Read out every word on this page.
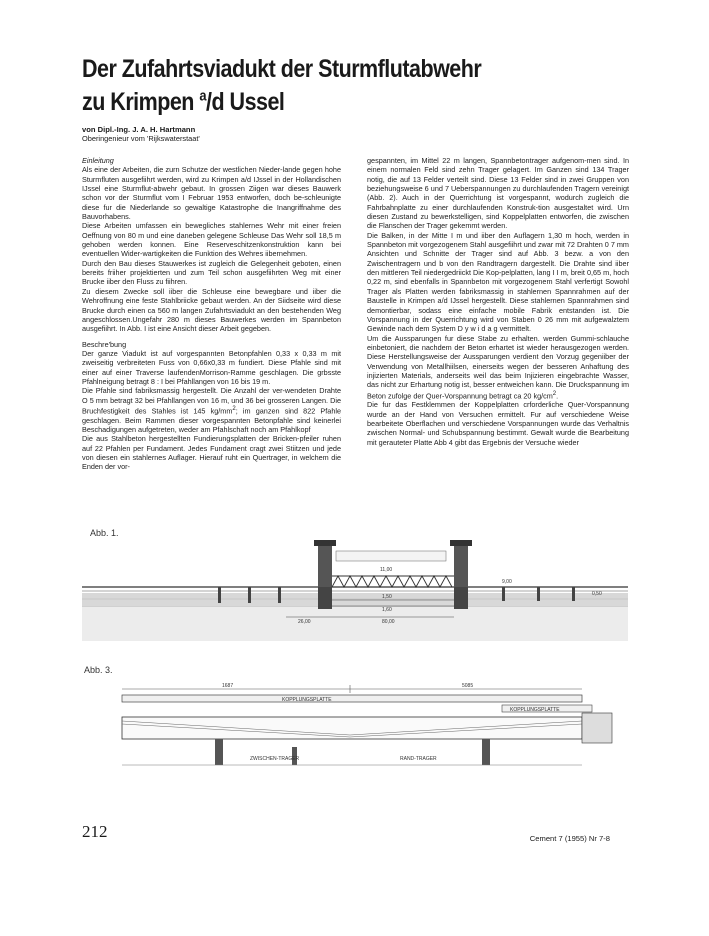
Der Zufahrtsviadukt der Sturmflutabwehr
zu Krimpen $^a$/d Ussel
von Dipl.-Ing. J. A. H. Hartmann
Oberingenieur vom 'Rijkswaterstaat'

Einleitung

Als eine der Arbeiten, die zurn Schutze der westlichen Nieder-lande gegen hohe Sturmfluten ausgefiihrt werden, wird zu Krimpen a/d IJssel in der Hollandischen IJssel eine Sturmflut-abwehr gebaut. In grossen Ziigen war dieses Bauwerk schon vor der Sturmflut vom I Februar 1953 entworfen, doch be-schleunigte diese fur die Niederlande so gewaltige Katastrophe die Inangriffnahme des Bauvorhabens.

Diese Arbeiten umfassen ein bewegliches stahlernes Wehr mit einer freien Oeffnung von 80 m und eine daneben gelegene Schleuse Das Wehr soll 18,5 m gehoben werden konnen. Eine Reserveschitzenkonstruktion kann bei eventuellen Wider-wartigkeiten die Funktion des Wehres iibernehmen.

Durch den Bau dieses Stauwerkes ist zugleich die Gelegenheit geboten, einen bereits friiher projektierten und zum Teil schon ausgefiihrten Weg mit einer Brucke iiber den Fluss zu fiihren.

Zu diesem Zwecke soll iiber die Schleuse eine bewegbare und iiber die Wehroffnung eine feste Stahlbriicke gebaut werden. An der Siidseite wird diese Brucke durch einen ca 560 m langen Zufahrtsviadukt an den bestehenden Weg angeschlossen.Ungefahr 280 m dieses Bauwerkes werden im Spannbeton ausgefiihrt. In Abb. I ist eine Ansicht dieser Arbeit gegeben.

Beschre'bung

Der ganze Viadukt ist auf vorgespannten Betonpfahlen 0,33 x 0,33 m mit zweiseitig verbreiteten Fuss von 0,66x0,33 m fundiert. Diese Pfahle sind mit einer auf einer Traverse laufendenMorrison-Ramme geschlagen. Die grbsste Pfahlneigung betragt 8 : I bei Pfahllangen von 16 bis 19 m.

Die Pfahle sind fabriksmassig hergestellt. Die Anzahl der ver-wendeten Drahte O 5 mm betragt 32 bei Pfahllangen von 16 m, und 36 bei grosseren Langen. Die Bruchfestigkeit des Stahles ist 145 $kg/mm^2$; im ganzen sind 822 Pfahle geschlagen. Beim Rammen dieser vorgespannten Betonpfahle sind keinerlei Beschadigungen aufgetreten, weder am Pfahlschaft noch am Pfahlkopf

Die aus Stahlbeton hergestellten Fundierungsplatten der Bricken-pfeiler ruhen auf 22 Pfahlen per Fundament. Jedes Fundament cragt zwei Stiitzen und jede von diesen ein stahlernes Auflager. Hierauf ruht ein Quertrager, in welchem die Enden der vor-

gespannten, im Mittel 22 m langen, Spannbetontrager aufgenom-men sind. In einem normalen Feld sind zehn Trager gelagert. Im Ganzen sind 134 Trager notig, die auf 13 Felder verteilt sind. Diese 13 Felder sind in zwei Gruppen von beziehungsweise 6 und 7 Ueberspannungen zu durchlaufenden Tragern vereinigt (Abb. 2). Auch in der Querrichtung ist vorgespannt, wodurch zugleich die Fahrbahnplatte zu einer durchlaufenden Konstruk-tion ausgestaltet wird. Urn diesen Zustand zu bewerkstelligen, sind Koppelplatten entworfen, die zwischen die Flanschen der Trager gekemmt werden.

Die Balken, in der Mitte I m und iiber den Auflagern 1,30 m hoch, werden in Spannbeton mit vorgezogenem Stahl ausgefiihrt und zwar mit 72 Drahten 0 7 mm

Ansichten und Schnitte der Trager sind auf Abb. 3 bezw. a von den Zwischentragern und b von den Randtragern dargestellt. Die Drahte sind iiber den mittleren Teil niedergedriickt Die Kop-pelplatten, lang I I m, breit 0,65 m, hoch 0,22 m, sind ebenfalls in Spannbeton mit vorgezogenem Stahl verfertigt Sowohl Trager als Platten werden fabriksmassig in stahlernen Spannrahmen auf der Baustelle in Krimpen a/d IJssel hergestellt. Diese stahlernen Spannrahmen sind demontierbar, sodass eine einfache mobile Fabrik entstanden ist. Die Vorspannung in der Querrichtung wird von Staben 0 26 mm mit aufgewalztem Gewinde nach dem System D y w i d a g vermittelt.

Um die Aussparungen fur diese Stabe zu erhalten. werden Gummi-schlauche einbetoniert, die nachdem der Beton erhartet ist wieder herausgezogen werden. Diese Herstellungsweise der Aussparungen verdient den Vorzug gegeniiber der Verwendung von Metallhiilsen, einerseits wegen der besseren Anhaftung des injizierten Materials, anderseits weil das beim Injizieren eingebrachte Wasser, das nicht zur Erhartung notig ist, besser entweichen kann. Die Druckspannung im Beton zufolge der Quer-Vorspannung betragt ca 20 $kg/cm^2$.

Die fur das Festklemmen der Koppelplatten crforderliche Quer-Vorspannung wurde an der Hand von Versuchen ermittelt. Fur auf verschiedene Weise bearbeitete Oberflachen und verschiedene Vorspannungen wurde das Verhaltnis zwischen Normal- und Schubspannung bestimmt. Gewalt wurde die Bearbeitung mit gerauteter Platte Abb 4 gibt das Ergebnis der Versuche wieder

Abb. 1.
11,00
1,50
1,60
26,00	80,00
9,00
0,50
Abb. 3.
1687	5085
KOPPLUNGSPLATTE
KOPPLUNGSPLATTE
ZWISCHEN-TRAGER	RAND-TRAGER
212	Cement 7 (1955) Nr 7-8
